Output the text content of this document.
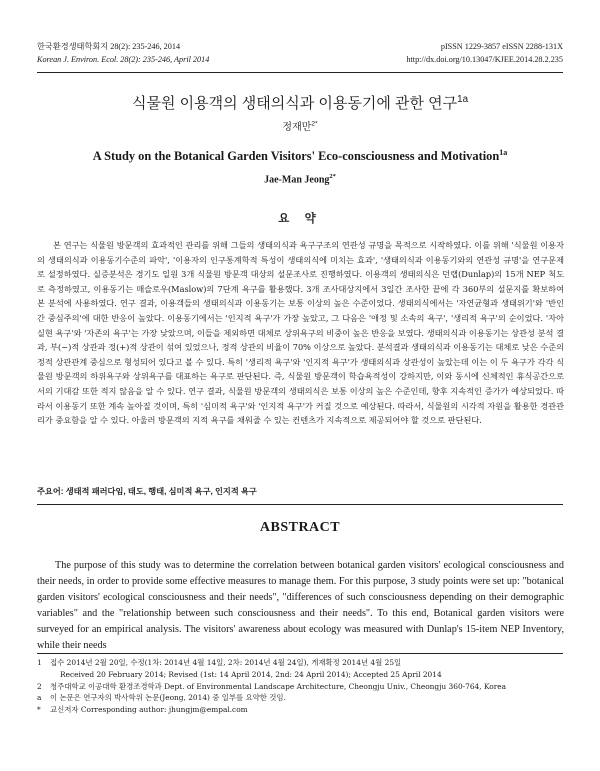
한국환경생태학회지 28(2): 235-246, 2014
Korean J. Environ. Ecol. 28(2): 235-246, April 2014
pISSN 1229-3857 eISSN 2288-131X
http://dx.doi.org/10.13047/KJEE.2014.28.2.235
식물원 이용객의 생태의식과 이용동기에 관한 연구$^{1a}$
정재만$^{2*}$
A Study on the Botanical Garden Visitors' Eco-consciousness and Motivation$^{1a}$
Jae-Man Jeong$^{2*}$
요 약

본 연구는 식물원 방문객의 효과적인 관리를 위해 그들의 생태의식과 욕구구조의 연관성 규명을 목적으로 시작하였다. 이를 위해 '식물원 이용자의 생태의식과 이용동기수준의 파악', '이용자의 인구통계학적 특성이 생태의식에 미치는 효과', '생태의식과 이용동기와의 연관성 규명'을 연구문제로 설정하였다. 실증분석은 경기도 일원 3개 식물원 방문객 대상의 설문조사로 진행하였다. 이용객의 생태의식은 던랩(Dunlap)의 15개 NEP 척도로 측정하였고, 이용동기는 매슬로우(Maslow)의 7단계 욕구를 활용했다. 3개 조사대상지에서 3일간 조사한 끝에 각 360부의 설문지를 확보하여 본 분석에 사용하였다. 연구 결과, 이용객들의 생태의식과 이용동기는 보통 이상의 높은 수준이었다. 생태의식에서는 '자연균형과 생태위기'와 '반인간 중심주의'에 대한 반응이 높았다. 이용동기에서는 '인지적 욕구'가 가장 높았고, 그 다음은 '애정 및 소속의 욕구', '생리적 욕구'의 순이었다. '자아실현 욕구'와 '자존의 욕구'는 가장 낮았으며, 이들을 제외하면 대체로 상위욕구의 비중이 높은 반응을 보였다. 생태의식과 이용동기는 상관성 분석 결과, 부(−)적 상관과 정(+)적 상관이 섞여 있었으나, 정적 상관의 비율이 70% 이상으로 높았다. 분석결과 생태의식과 이용동기는 대체로 낮은 수준의 정적 상관관계 중심으로 형성되어 있다고 볼 수 있다. 특히 '생리적 욕구'와 '인지적 욕구'가 생태의식과 상관성이 높았는데 이는 이 두 욕구가 각각 식물원 방문객의 하위욕구와 상위욕구를 대표하는 욕구로 판단된다. 즉, 식물원 방문객이 학습욕적성이 강하지만, 이와 동시에 신체적인 휴식공간으로서의 기대감 또한 적지 않음을 알 수 있다. 연구 결과, 식물원 방문객의 생태의식은 보통 이상의 높은 수준인데, 향후 지속적인 증가가 예상되었다. 따라서 이용동기 또한 계속 높아질 것이며, 특히 '심미적 욕구'와 '인지적 욕구'가 커질 것으로 예상된다. 따라서, 식물원의 시각적 자원을 활용한 경관관리가 중요함을 알 수 있다. 아울러 방문객의 지적 욕구를 채워줄 수 있는 컨텐츠가 지속적으로 제공되어야 할 것으로 판단된다.

주요어: 생태적 패러다임, 태도, 행태, 심미적 욕구, 인지적 욕구
ABSTRACT

The purpose of this study was to determine the correlation between botanical garden visitors' ecological consciousness and their needs, in order to provide some effective measures to manage them. For this purpose, 3 study points were set up: "botanical garden visitors' ecological consciousness and their needs", "differences of such consciousness depending on their demographic variables" and the "relationship between such consciousness and their needs". To this end, Botanical garden visitors were surveyed for an empirical analysis. The visitors' awareness about ecology was measured with Dunlap's 15-item NEP Inventory, while their needs

1	접수 2014년 2월 20일, 수정(1차: 2014년 4월 14일, 2차: 2014년 4월 24일), 게재확정 2014년 4월 25일
Received 20 February 2014; Revised (1st: 14 April 2014, 2nd: 24 April 2014); Accepted 25 April 2014
2	청주대학교 이공대학 환경조경학과 Dept. of Environmental Landscape Architecture, Cheongju Univ., Cheongju 360-764, Korea
a	이 논문은 연구자의 박사학위 논문(Jeong, 2014) 중 일부를 요약한 것임.
*	교신저자 Corresponding author: jhungjm@empal.com
